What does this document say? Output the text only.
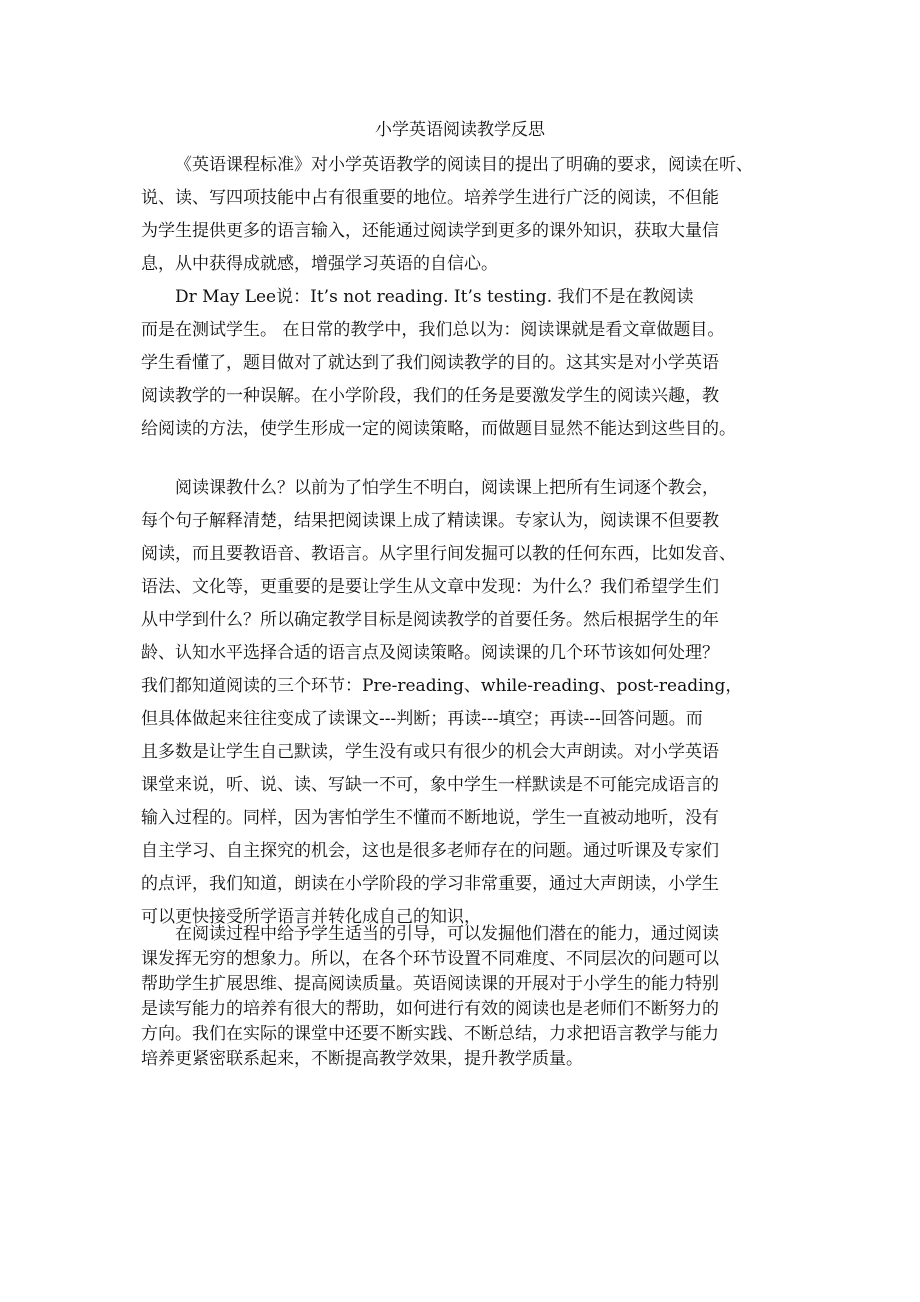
小学英语阅读教学反思
《英语课程标准》对小学英语教学的阅读目的提出了明确的要求，阅读在听、
说、读、写四项技能中占有很重要的地位。培养学生进行广泛的阅读，不但能
为学生提供更多的语言输入，还能通过阅读学到更多的课外知识，获取大量信
息，从中获得成就感，增强学习英语的自信心。
Dr May Lee说：It’s not reading. It’s testing. 我们不是在教阅读
而是在测试学生。 在日常的教学中，我们总以为：阅读课就是看文章做题目。
学生看懂了，题目做对了就达到了我们阅读教学的目的。这其实是对小学英语
阅读教学的一种误解。在小学阶段，我们的任务是要激发学生的阅读兴趣，教
给阅读的方法，使学生形成一定的阅读策略，而做题目显然不能达到这些目的。
阅读课教什么？以前为了怕学生不明白，阅读课上把所有生词逐个教会，
每个句子解释清楚，结果把阅读课上成了精读课。专家认为，阅读课不但要教
阅读，而且要教语音、教语言。从字里行间发掘可以教的任何东西，比如发音、
语法、文化等，更重要的是要让学生从文章中发现：为什么？我们希望学生们
从中学到什么？所以确定教学目标是阅读教学的首要任务。然后根据学生的年
龄、认知水平选择合适的语言点及阅读策略。阅读课的几个环节该如何处理？
我们都知道阅读的三个环节：Pre-reading、while-reading、post-reading，
但具体做起来往往变成了读课文---判断；再读---填空；再读---回答问题。而
且多数是让学生自己默读，学生没有或只有很少的机会大声朗读。对小学英语
课堂来说，听、说、读、写缺一不可，象中学生一样默读是不可能完成语言的
输入过程的。同样，因为害怕学生不懂而不断地说，学生一直被动地听，没有
自主学习、自主探究的机会，这也是很多老师存在的问题。通过听课及专家们
的点评，我们知道，朗读在小学阶段的学习非常重要，通过大声朗读，小学生
可以更快接受所学语言并转化成自己的知识，
在阅读过程中给予学生适当的引导，可以发掘他们潜在的能力，通过阅读
课发挥无穷的想象力。所以，在各个环节设置不同难度、不同层次的问题可以
帮助学生扩展思维、提高阅读质量。英语阅读课的开展对于小学生的能力特别
是读写能力的培养有很大的帮助，如何进行有效的阅读也是老师们不断努力的
方向。我们在实际的课堂中还要不断实践、不断总结，力求把语言教学与能力
培养更紧密联系起来，不断提高教学效果，提升教学质量。
